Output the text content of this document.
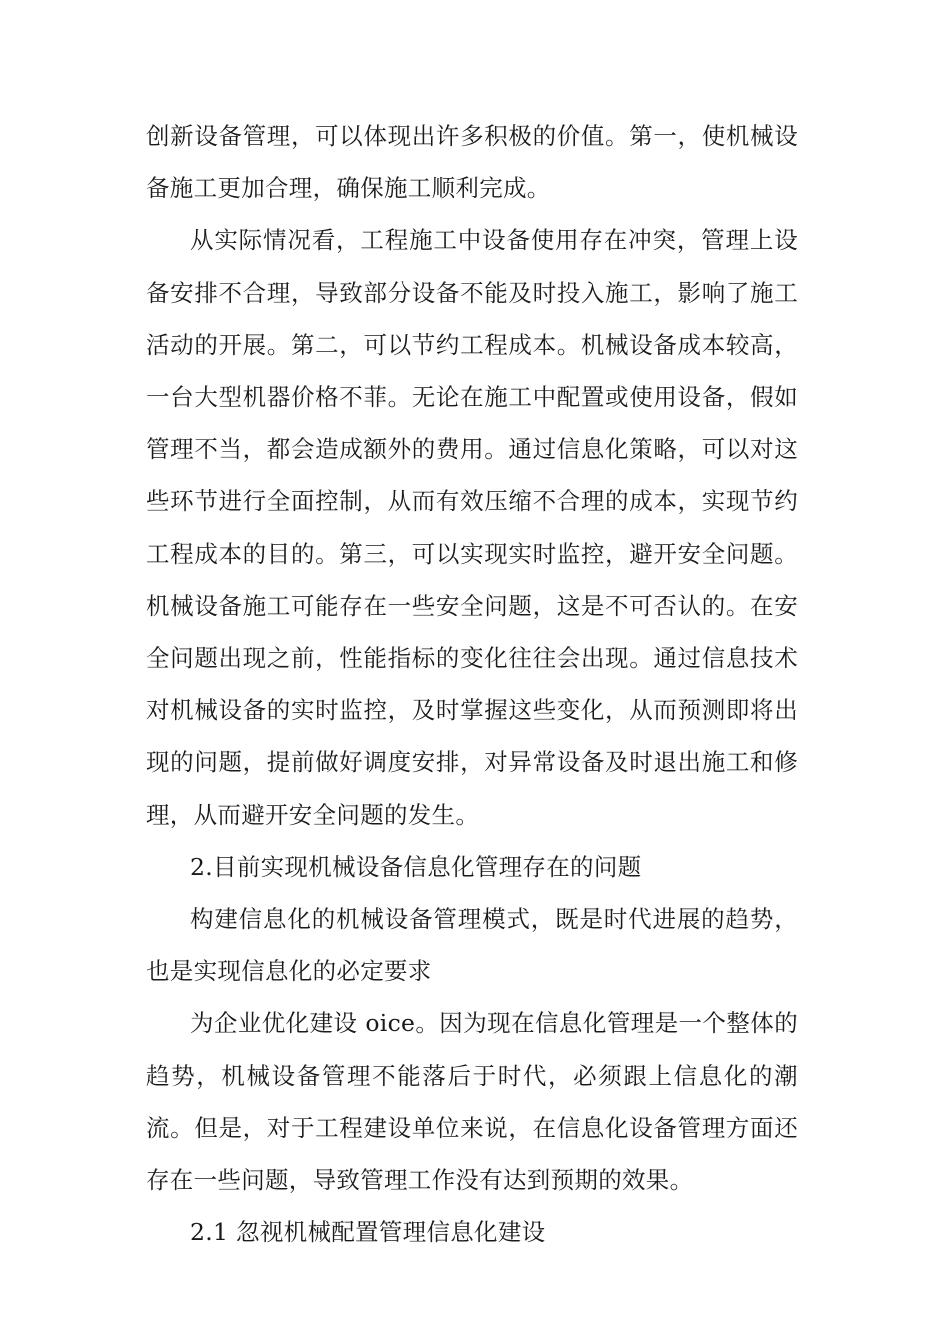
创新设备管理，可以体现出许多积极的价值。第一，使机械设备施工更加合理，确保施工顺利完成。

从实际情况看，工程施工中设备使用存在冲突，管理上设备安排不合理，导致部分设备不能及时投入施工，影响了施工活动的开展。第二，可以节约工程成本。机械设备成本较高，一台大型机器价格不菲。无论在施工中配置或使用设备，假如管理不当，都会造成额外的费用。通过信息化策略，可以对这些环节进行全面控制，从而有效压缩不合理的成本，实现节约工程成本的目的。第三，可以实现实时监控，避开安全问题。机械设备施工可能存在一些安全问题，这是不可否认的。在安全问题出现之前，性能指标的变化往往会出现。通过信息技术对机械设备的实时监控，及时掌握这些变化，从而预测即将出现的问题，提前做好调度安排，对异常设备及时退出施工和修理，从而避开安全问题的发生。

2.目前实现机械设备信息化管理存在的问题

构建信息化的机械设备管理模式，既是时代进展的趋势，也是实现信息化的必定要求

为企业优化建设 oice。因为现在信息化管理是一个整体的趋势，机械设备管理不能落后于时代，必须跟上信息化的潮流。但是，对于工程建设单位来说，在信息化设备管理方面还存在一些问题，导致管理工作没有达到预期的效果。

2.1 忽视机械配置管理信息化建设
